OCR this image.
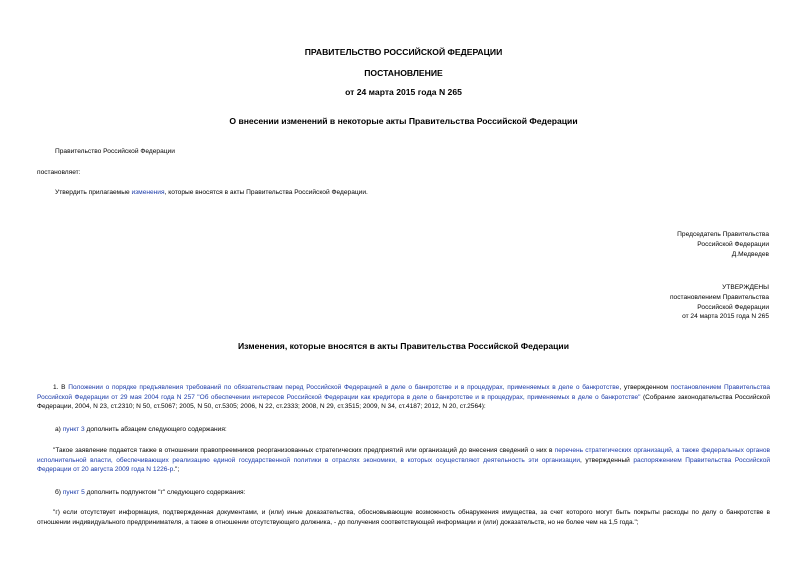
ПРАВИТЕЛЬСТВО РОССИЙСКОЙ ФЕДЕРАЦИИ
ПОСТАНОВЛЕНИЕ
от 24 марта 2015 года N 265
О внесении изменений в некоторые акты Правительства Российской Федерации
Правительство Российской Федерации
постановляет:
Утвердить прилагаемые изменения, которые вносятся в акты Правительства Российской Федерации.
Председатель Правительства
Российской Федерации
Д.Медведев
УТВЕРЖДЕНЫ
постановлением Правительства
Российской Федерации
от 24 марта 2015 года N 265
Изменения, которые вносятся в акты Правительства Российской Федерации
1. В Положении о порядке предъявления требований по обязательствам перед Российской Федерацией в деле о банкротстве и в процедурах, применяемых в деле о банкротстве, утвержденном постановлением Правительства Российской Федерации от 29 мая 2004 года N 257 "Об обеспечении интересов Российской Федерации как кредитора в деле о банкротстве и в процедурах, применяемых в деле о банкротстве" (Собрание законодательства Российской Федерации, 2004, N 23, ст.2310; N 50, ст.5067; 2005, N 50, ст.5305; 2006, N 22, ст.2333; 2008, N 29, ст.3515; 2009, N 34, ст.4187; 2012, N 20, ст.2564):
а) пункт 3 дополнить абзацем следующего содержания:
"Такое заявление подается также в отношении правопреемников реорганизованных стратегических предприятий или организаций до внесения сведений о них в перечень стратегических организаций, а также федеральных органов исполнительной власти, обеспечивающих реализацию единой государственной политики в отраслях экономики, в которых осуществляют деятельность эти организации, утвержденный распоряжением Правительства Российской Федерации от 20 августа 2009 года N 1226-р.";
б) пункт 5 дополнить подпунктом "г" следующего содержания:
"г) если отсутствует информация, подтвержденная документами, и (или) иные доказательства, обосновывающие возможность обнаружения имущества, за счет которого могут быть покрыты расходы по делу о банкротстве в отношении индивидуального предпринимателя, а также в отношении отсутствующего должника, - до получения соответствующей информации и (или) доказательств, но не более чем на 1,5 года.";
